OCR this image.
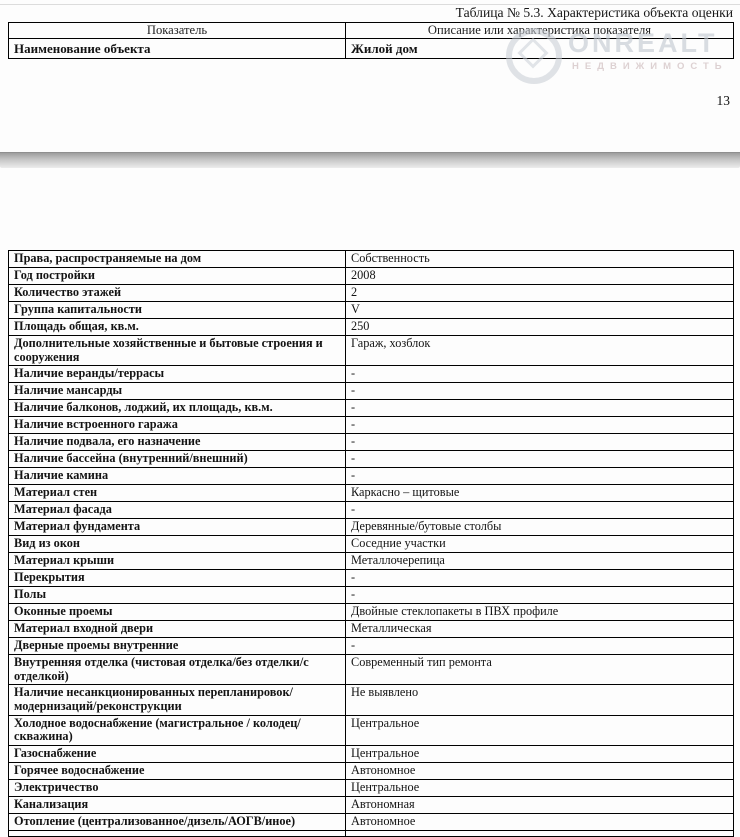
Таблица № 5.3. Характеристика объекта оценки
Показатель	Описание или характеристика показателя
Наименование объекта	Жилой дом	ONREALT
НЕДВИЖИМОСТЬ
13
Права, распространяемые на дом	Собственность
Год постройки	2008
Количество этажей	2
Группа капитальности	V
Площадь общая, кв.м.	250
Дополнительные хозяйственные и бытовые строения и сооружения	Гараж, хозблок
Наличие веранды/террасы	-
Наличие мансарды	-
Наличие балконов, лоджий, их площадь, кв.м.	-
Наличие встроенного гаража	-
Наличие подвала, его назначение	-
Наличие бассейна (внутренний/внешний)	-
Наличие камина	-
Материал стен	Каркасно – щитовые
Материал фасада	-
Материал фундамента	Деревянные/бутовые столбы
Вид из окон	Соседние участки
Материал крыши	Металлочерепица
Перекрытия	-
Полы	-
Оконные проемы	Двойные стеклопакеты в ПВХ профиле
Материал входной двери	Металлическая
Дверные проемы внутренние	-
Внутренняя отделка (чистовая отделка/без отделки/с отделкой)	Современный тип ремонта
Наличие несанкционированных перепланировок/модернизаций/реконструкции	Не выявлено
Холодное водоснабжение (магистральное / колодец/скважина)	Центральное
Газоснабжение	Центральное
Горячее водоснабжение	Автономное
Электричество	Центральное
Канализация	Автономная
Отопление (централизованное/дизель/АОГВ/иное)	Автономное
